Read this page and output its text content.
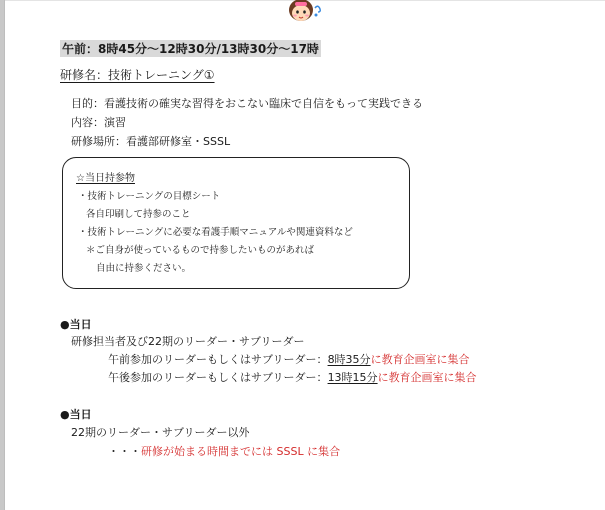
午前：8時45分～12時30分/13時30分～17時
研修名：技術トレーニング①
目的：看護技術の確実な習得をおこない臨床で自信をもって実践できる
内容：演習
研修場所：看護部研修室・SSSL
☆当日持参物
・技術トレーニングの目標シート
各自印刷して持参のこと
・技術トレーニングに必要な看護手順マニュアルや関連資料など
＊ご自身が使っているもので持参したいものがあれば
自由に持参ください。
●当日
研修担当者及び22期のリーダー・サブリーダー
午前参加のリーダーもしくはサブリーダー：8時35分に教育企画室に集合
午後参加のリーダーもしくはサブリーダー：13時15分に教育企画室に集合
●当日
22期のリーダー・サブリーダー以外
・・・研修が始まる時間までには SSSL に集合
